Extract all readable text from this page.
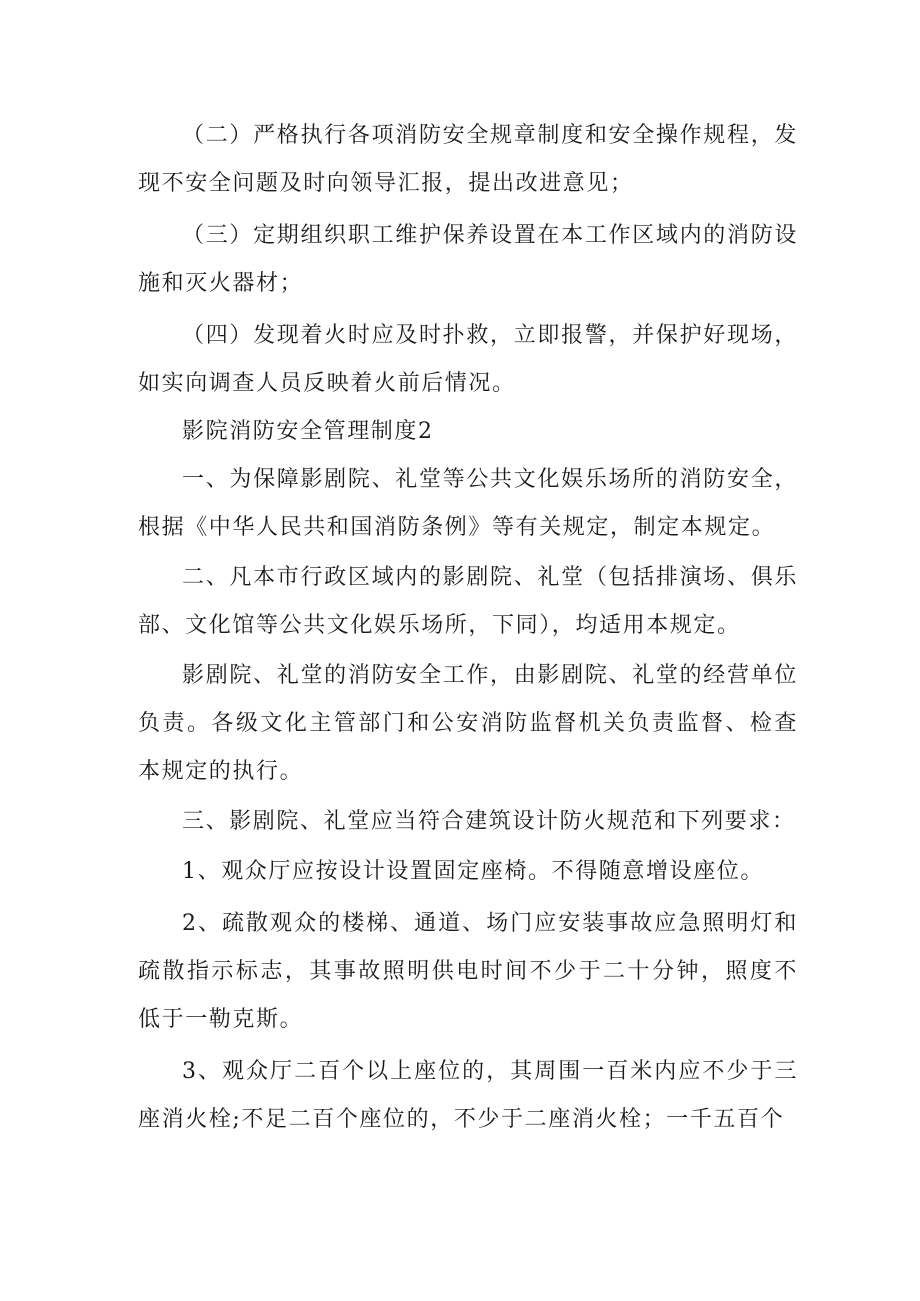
（二）严格执行各项消防安全规章制度和安全操作规程，发现不安全问题及时向领导汇报，提出改进意见；

（三）定期组织职工维护保养设置在本工作区域内的消防设施和灭火器材；

（四）发现着火时应及时扑救，立即报警，并保护好现场，如实向调查人员反映着火前后情况。

影院消防安全管理制度2

一、为保障影剧院、礼堂等公共文化娱乐场所的消防安全，根据《中华人民共和国消防条例》等有关规定，制定本规定。

二、凡本市行政区域内的影剧院、礼堂（包括排演场、俱乐部、文化馆等公共文化娱乐场所，下同），均适用本规定。

影剧院、礼堂的消防安全工作，由影剧院、礼堂的经营单位负责。各级文化主管部门和公安消防监督机关负责监督、检查本规定的执行。

三、影剧院、礼堂应当符合建筑设计防火规范和下列要求：

1、观众厅应按设计设置固定座椅。不得随意增设座位。

2、疏散观众的楼梯、通道、场门应安装事故应急照明灯和疏散指示标志，其事故照明供电时间不少于二十分钟，照度不低于一勒克斯。

3、观众厅二百个以上座位的，其周围一百米内应不少于三座消火栓;不足二百个座位的，不少于二座消火栓；一千五百个
